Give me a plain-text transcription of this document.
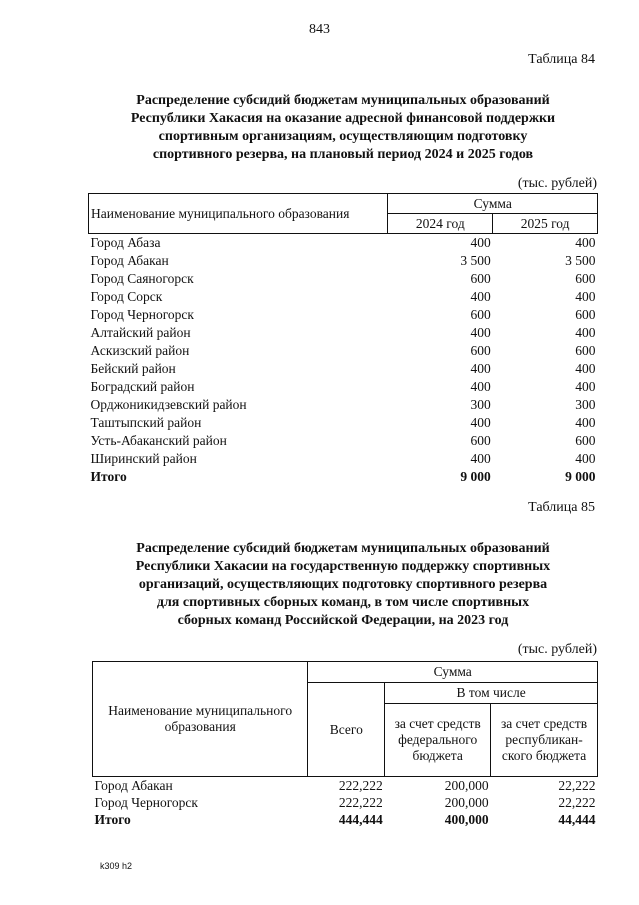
843
Таблица 84
Распределение субсидий бюджетам муниципальных образований
Республики Хакасия на оказание адресной финансовой поддержки
спортивным организациям, осуществляющим подготовку
спортивного резерва, на плановый период 2024 и 2025 годов
(тыс. рублей)
Наименование муниципального образования	Сумма	
	2024 год	2025 год
Город Абаза	400	400
Город Абакан	3 500	3 500
Город Саяногорск	600	600
Город Сорск	400	400
Город Черногорск	600	600
Алтайский район	400	400
Аскизский район	600	600
Бейский район	400	400
Боградский район	400	400
Орджоникидзевский район	300	300
Таштыпский район	400	400
Усть-Абаканский район	600	600
Ширинский район	400	400
Итого	9 000	9 000
Таблица 85
Распределение субсидий бюджетам муниципальных образований
Республики Хакасии на государственную поддержку спортивных
организаций, осуществляющих подготовку спортивного резерва
для спортивных сборных команд, в том числе спортивных
сборных команд Российской Федерации, на 2023 год
(тыс. рублей)
Наименование муниципального образования	Сумма		
	Всего	В том числе	
		за счет средств федерального бюджета	за счет средств республикан-ского бюджета
Город Абакан	222,222	200,000	22,222
Город Черногорск	222,222	200,000	22,222
Итого	444,444	400,000	44,444
k309 h2
